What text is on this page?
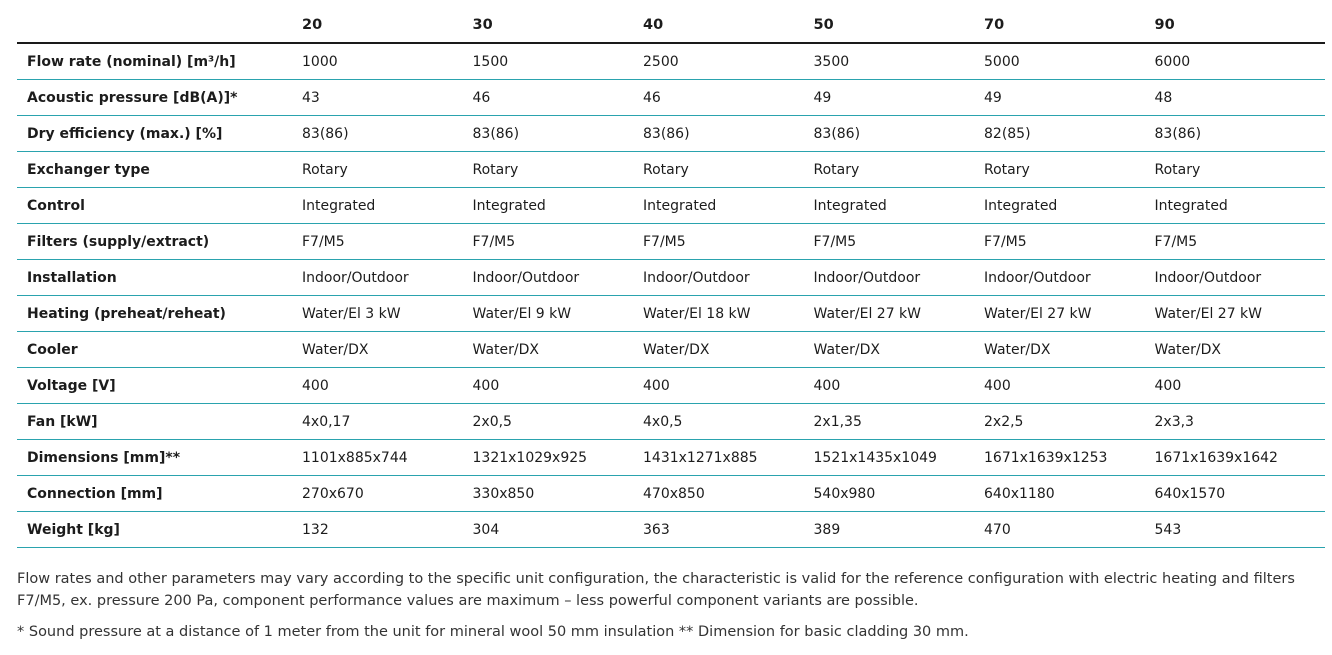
	20	30	40	50	70	90
Flow rate (nominal) [m³/h]	1000	1500	2500	3500	5000	6000
Acoustic pressure [dB(A)]*	43	46	46	49	49	48
Dry efficiency (max.) [%]	83(86)	83(86)	83(86)	83(86)	82(85)	83(86)
Exchanger type	Rotary	Rotary	Rotary	Rotary	Rotary	Rotary
Control	Integrated	Integrated	Integrated	Integrated	Integrated	Integrated
Filters (supply/extract)	F7/M5	F7/M5	F7/M5	F7/M5	F7/M5	F7/M5
Installation	Indoor/Outdoor	Indoor/Outdoor	Indoor/Outdoor	Indoor/Outdoor	Indoor/Outdoor	Indoor/Outdoor
Heating (preheat/reheat)	Water/El 3 kW	Water/El 9 kW	Water/El 18 kW	Water/El 27 kW	Water/El 27 kW	Water/El 27 kW
Cooler	Water/DX	Water/DX	Water/DX	Water/DX	Water/DX	Water/DX
Voltage [V]	400	400	400	400	400	400
Fan [kW]	4x0,17	2x0,5	4x0,5	2x1,35	2x2,5	2x3,3
Dimensions [mm]**	1101x885x744	1321x1029x925	1431x1271x885	1521x1435x1049	1671x1639x1253	1671x1639x1642
Connection [mm]	270x670	330x850	470x850	540x980	640x1180	640x1570
Weight [kg]	132	304	363	389	470	543

Flow rates and other parameters may vary according to the specific unit configuration, the characteristic is valid for the reference configuration with electric heating and filters F7/M5, ex. pressure 200 Pa, component performance values are maximum – less powerful component variants are possible.

* Sound pressure at a distance of 1 meter from the unit for mineral wool 50 mm insulation ** Dimension for basic cladding 30 mm.
